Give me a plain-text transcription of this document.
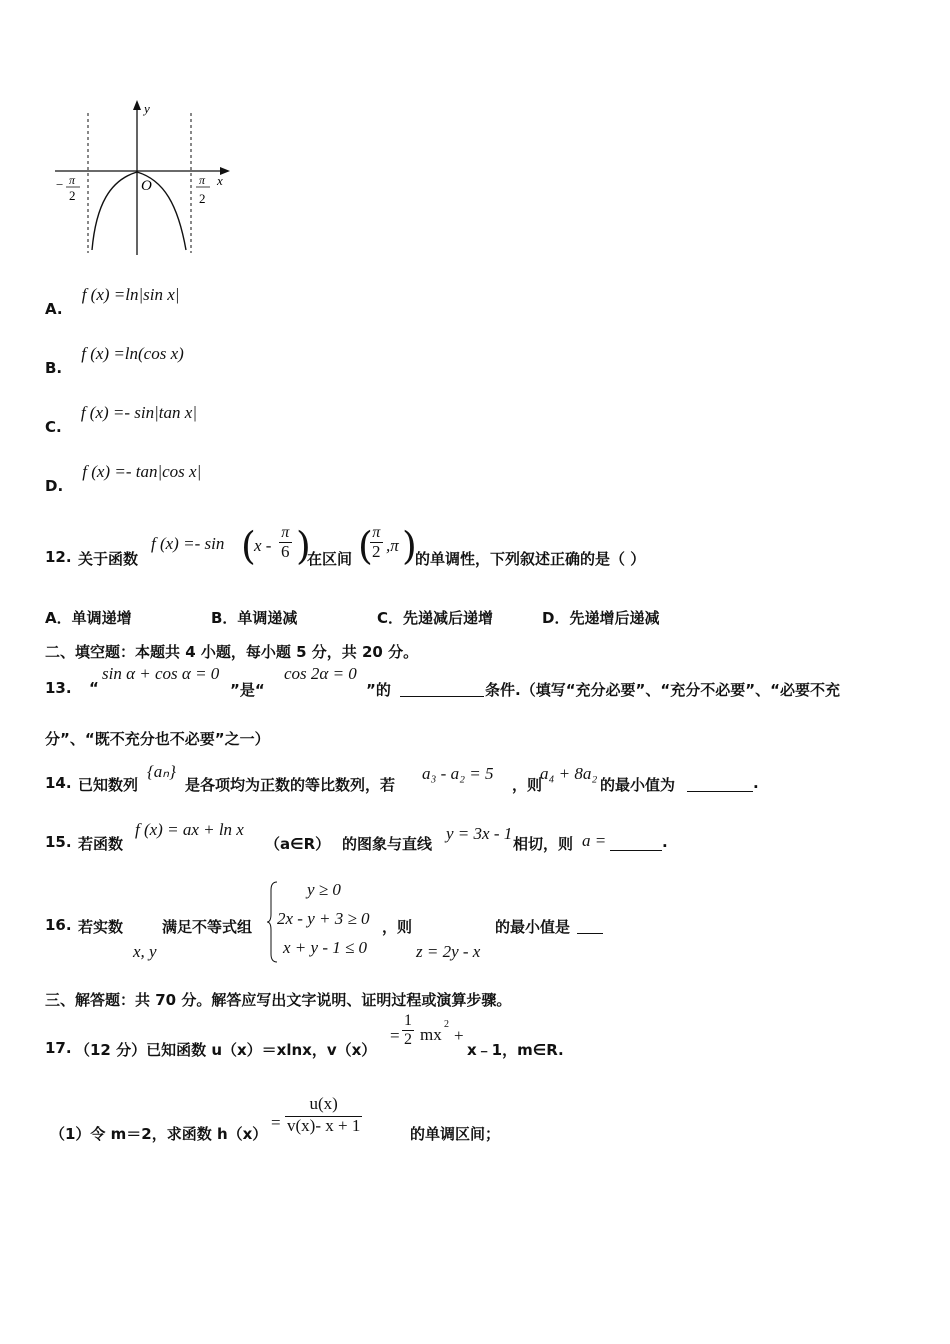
y
x
O
− π
2
π
2
A. f (x) =ln|sin x|
B. f (x) =ln(cos x)
C. f (x) =- sin|tan x|
D. f (x) =- tan|cos x|
12. 关于函数
f (x) =- sin (
x - $\frac{\pi}{6}$ )
在区间 (
$\frac{\pi}{2} ,\pi$ )
的单调性，下列叙述正确的是（ ）
A．单调递增	B．单调递减	C．先递减后递增	D．先递增后递减
二、填空题：本题共 4 小题，每小题 5 分，共 20 分。
13. “
sin α + cos α = 0
”是“
cos 2α = 0
”的	条件.（填写“充分必要”、“充分不必要”、“必要不充
分”、“既不充分也不必要”之一）
14. 已知数列
{aₙ}
是各项均为正数的等比数列，若
a₃ - a₂ = 5
，则
a₄ + 8a₂
的最小值为	.
15. 若函数
f (x) = ax + ln x
（a∈R） 的图象与直线
y = 3x - 1
相切，则 a =	.
16. 若实数
x, y
满足不等式组
y ≥ 0
2x - y + 3 ≥ 0
x + y - 1 ≤ 0
，则
z = 2y - x
的最小值是
三、解答题：共 70 分。解答应写出文字说明、证明过程或演算步骤。
17. （12 分）已知函数 u（x）＝xlnx，v（x）
= $\frac{1}{2}$ mx
2
+
x﹣1，m∈R.
（1）令 m＝2，求函数 h（x）
= $\frac{u(x)}{v(x)- x + 1}$	的单调区间；
